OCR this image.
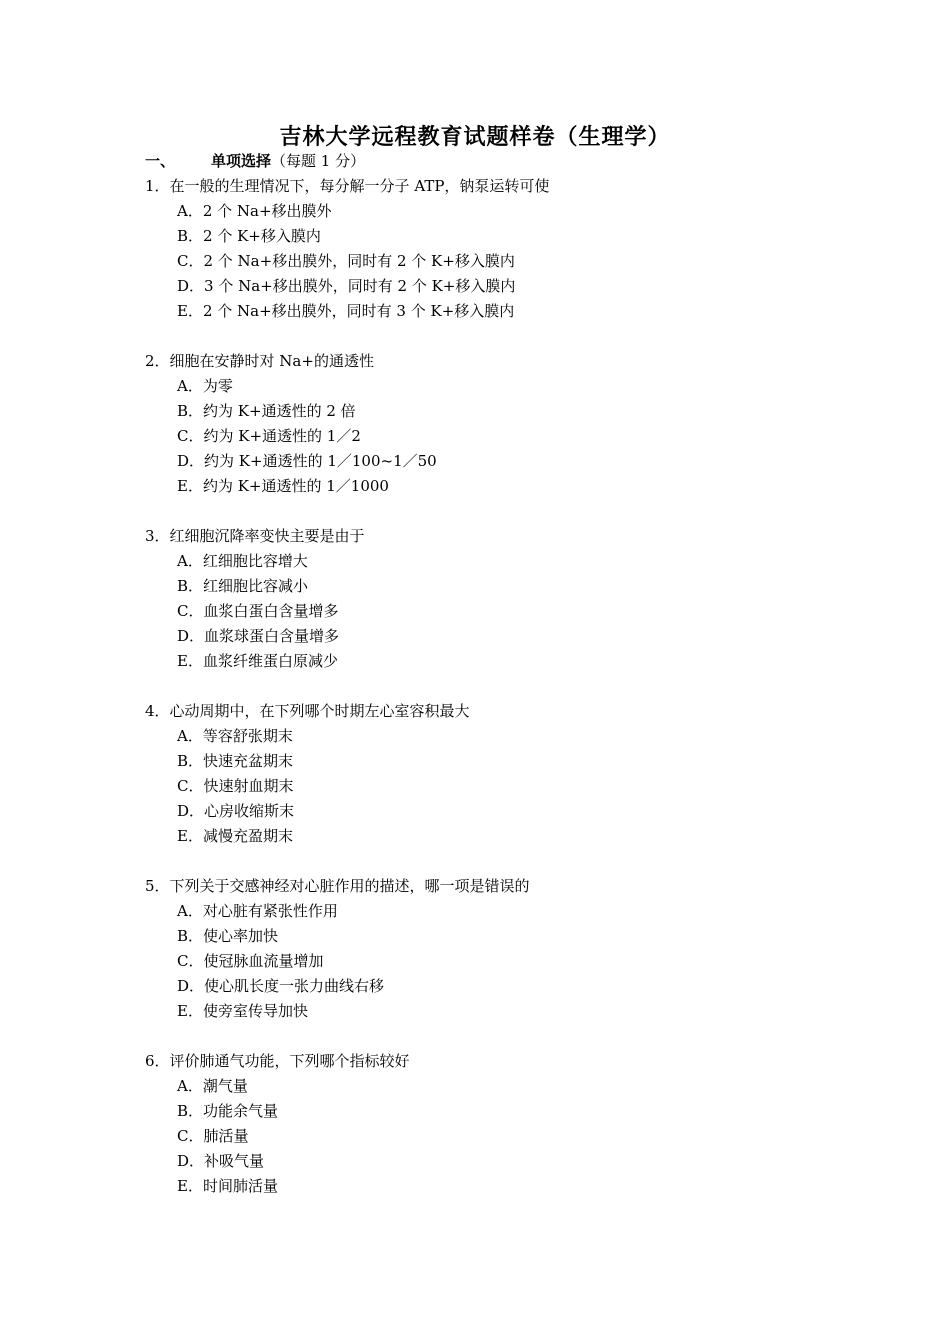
吉林大学远程教育试题样卷（生理学）
一、 单项选择（每题 1 分）
1．在一般的生理情况下，每分解一分子 ATP，钠泵运转可使
A．2 个 Na+移出膜外
B．2 个 K+移入膜内
C．2 个 Na+移出膜外，同时有 2 个 K+移入膜内
D．3 个 Na+移出膜外，同时有 2 个 K+移入膜内
E．2 个 Na+移出膜外，同时有 3 个 K+移入膜内
2．细胞在安静时对 Na+的通透性
A．为零
B．约为 K+通透性的 2 倍
C．约为 K+通透性的 1／2
D．约为 K+通透性的 1／100~1／50
E．约为 K+通透性的 1／1000
3．红细胞沉降率变快主要是由于
A．红细胞比容增大
B．红细胞比容减小
C．血浆白蛋白含量增多
D．血浆球蛋白含量增多
E．血浆纤维蛋白原减少
4．心动周期中，在下列哪个时期左心室容积最大
A．等容舒张期末
B．快速充盆期末
C．快速射血期末
D．心房收缩斯末
E．减慢充盈期末
5．下列关于交感神经对心脏作用的描述，哪一项是错误的
A．对心脏有紧张性作用
B．使心率加快
C．使冠脉血流量增加
D．使心肌长度一张力曲线右移
E．使旁室传导加快
6．评价肺通气功能，下列哪个指标较好
A．潮气量
B．功能余气量
C．肺活量
D．补吸气量
E．时间肺活量
